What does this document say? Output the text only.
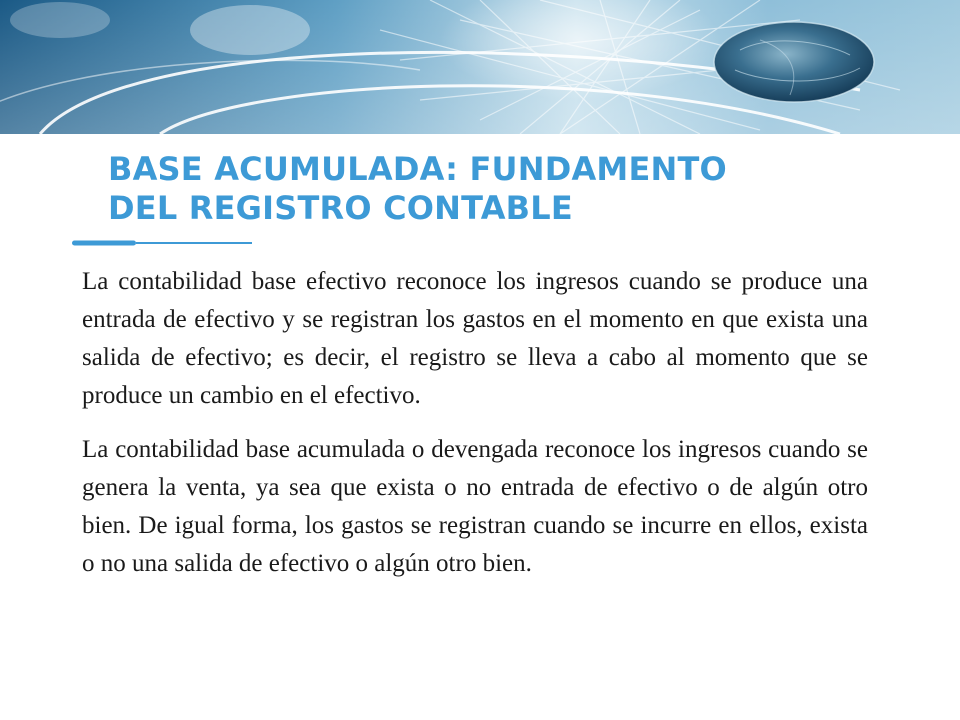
BASE ACUMULADA: FUNDAMENTO
DEL REGISTRO CONTABLE

La contabilidad base efectivo reconoce los ingresos cuando se produce una entrada de efectivo y se registran los gastos en el momento en que exista una salida de efectivo; es decir, el registro se lleva a cabo al momento que se produce un cambio en el efectivo.

La contabilidad base acumulada o devengada reconoce los ingresos cuando se genera la venta, ya sea que exista o no entrada de efectivo o de algún otro bien. De igual forma, los gastos se registran cuando se incurre en ellos, exista o no una salida de efectivo o algún otro bien.
